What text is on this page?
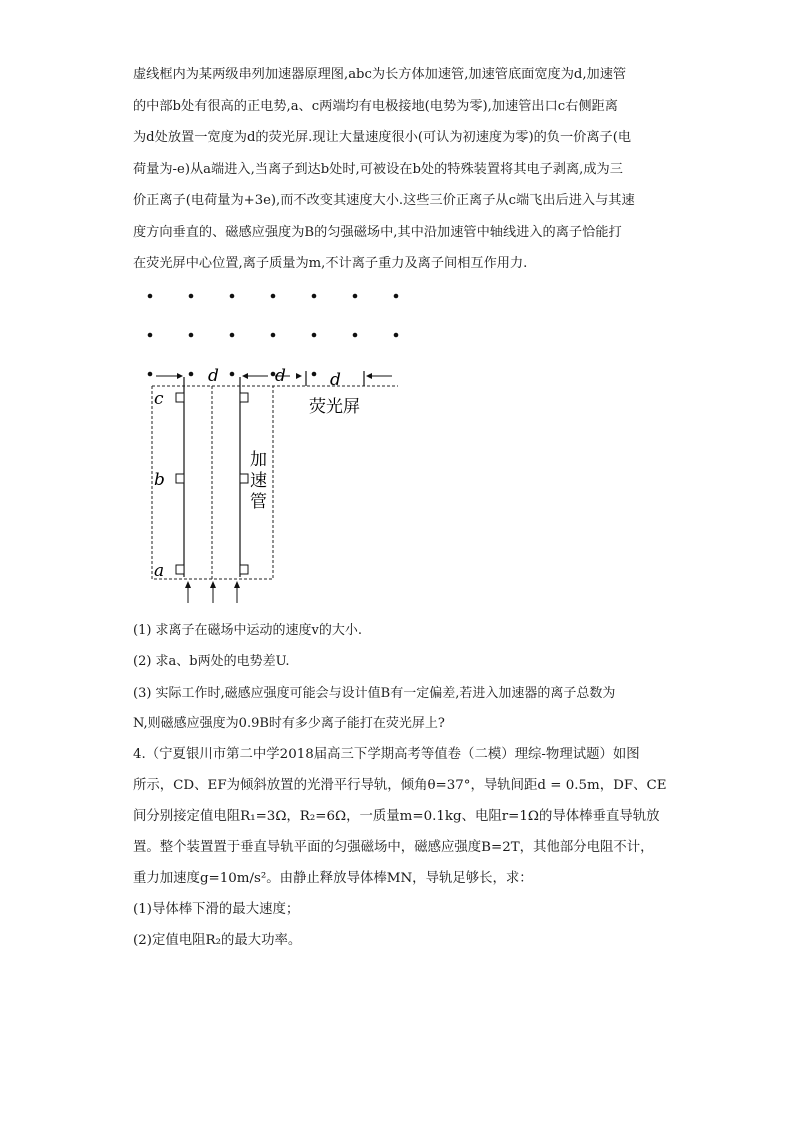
虚线框内为某两级串列加速器原理图,abc为长方体加速管,加速管底面宽度为d,加速管
的中部b处有很高的正电势,a、c两端均有电极接地(电势为零),加速管出口c右侧距离
为d处放置一宽度为d的荧光屏.现让大量速度很小(可认为初速度为零)的负一价离子(电
荷量为-e)从a端进入,当离子到达b处时,可被设在b处的特殊装置将其电子剥离,成为三
价正离子(电荷量为+3e),而不改变其速度大小.这些三价正离子从c端飞出后进入与其速
度方向垂直的、磁感应强度为B的匀强磁场中,其中沿加速管中轴线进入的离子恰能打
在荧光屏中心位置,离子质量为m,不计离子重力及离子间相互作用力.
d	d	d
荧光屏
c
b
a
加
速
管
(1) 求离子在磁场中运动的速度v的大小.
(2) 求a、b两处的电势差U.
(3) 实际工作时,磁感应强度可能会与设计值B有一定偏差,若进入加速器的离子总数为
N,则磁感应强度为0.9B时有多少离子能打在荧光屏上?
4.（宁夏银川市第二中学2018届高三下学期高考等值卷（二模）理综-物理试题）如图
所示，CD、EF为倾斜放置的光滑平行导轨，倾角θ=37°，导轨间距d = 0.5m，DF、CE
间分别接定值电阻R₁=3Ω，R₂=6Ω，一质量m=0.1kg、电阻r=1Ω的导体棒垂直导轨放
置。整个装置置于垂直导轨平面的匀强磁场中，磁感应强度B=2T，其他部分电阻不计，
重力加速度g=10m/s²。由静止释放导体棒MN，导轨足够长，求：
(1)导体棒下滑的最大速度；
(2)定值电阻R₂的最大功率。
